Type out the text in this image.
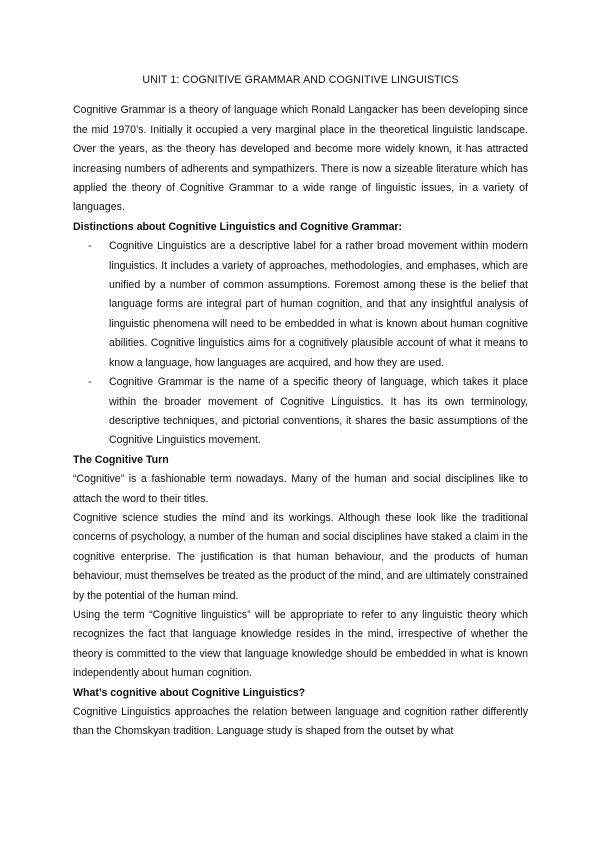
UNIT 1: COGNITIVE GRAMMAR AND COGNITIVE LINGUISTICS

Cognitive Grammar is a theory of language which Ronald Langacker has been developing since the mid 1970’s. Initially it occupied a very marginal place in the theoretical linguistic landscape. Over the years, as the theory has developed and become more widely known, it has attracted increasing numbers of adherents and sympathizers. There is now a sizeable literature which has applied the theory of Cognitive Grammar to a wide range of linguistic issues, in a variety of languages.

Distinctions about Cognitive Linguistics and Cognitive Grammar:
- Cognitive Linguistics are a descriptive label for a rather broad movement within modern linguistics. It includes a variety of approaches, methodologies, and emphases, which are unified by a number of common assumptions. Foremost among these is the belief that language forms are integral part of human cognition, and that any insightful analysis of linguistic phenomena will need to be embedded in what is known about human cognitive abilities. Cognitive linguistics aims for a cognitively plausible account of what it means to know a language, how languages are acquired, and how they are used.
- Cognitive Grammar is the name of a specific theory of language, which takes it place within the broader movement of Cognitive Linguistics. It has its own terminology, descriptive techniques, and pictorial conventions, it shares the basic assumptions of the Cognitive Linguistics movement.
The Cognitive Turn

“Cognitive” is a fashionable term nowadays. Many of the human and social disciplines like to attach the word to their titles.

Cognitive science studies the mind and its workings. Although these look like the traditional concerns of psychology, a number of the human and social disciplines have staked a claim in the cognitive enterprise. The justification is that human behaviour, and the products of human behaviour, must themselves be treated as the product of the mind, and are ultimately constrained by the potential of the human mind.

Using the term “Cognitive linguistics” will be appropriate to refer to any linguistic theory which recognizes the fact that language knowledge resides in the mind, irrespective of whether the theory is committed to the view that language knowledge should be embedded in what is known independently about human cognition.

What’s cognitive about Cognitive Linguistics?

Cognitive Linguistics approaches the relation between language and cognition rather differently than the Chomskyan tradition. Language study is shaped from the outset by what
